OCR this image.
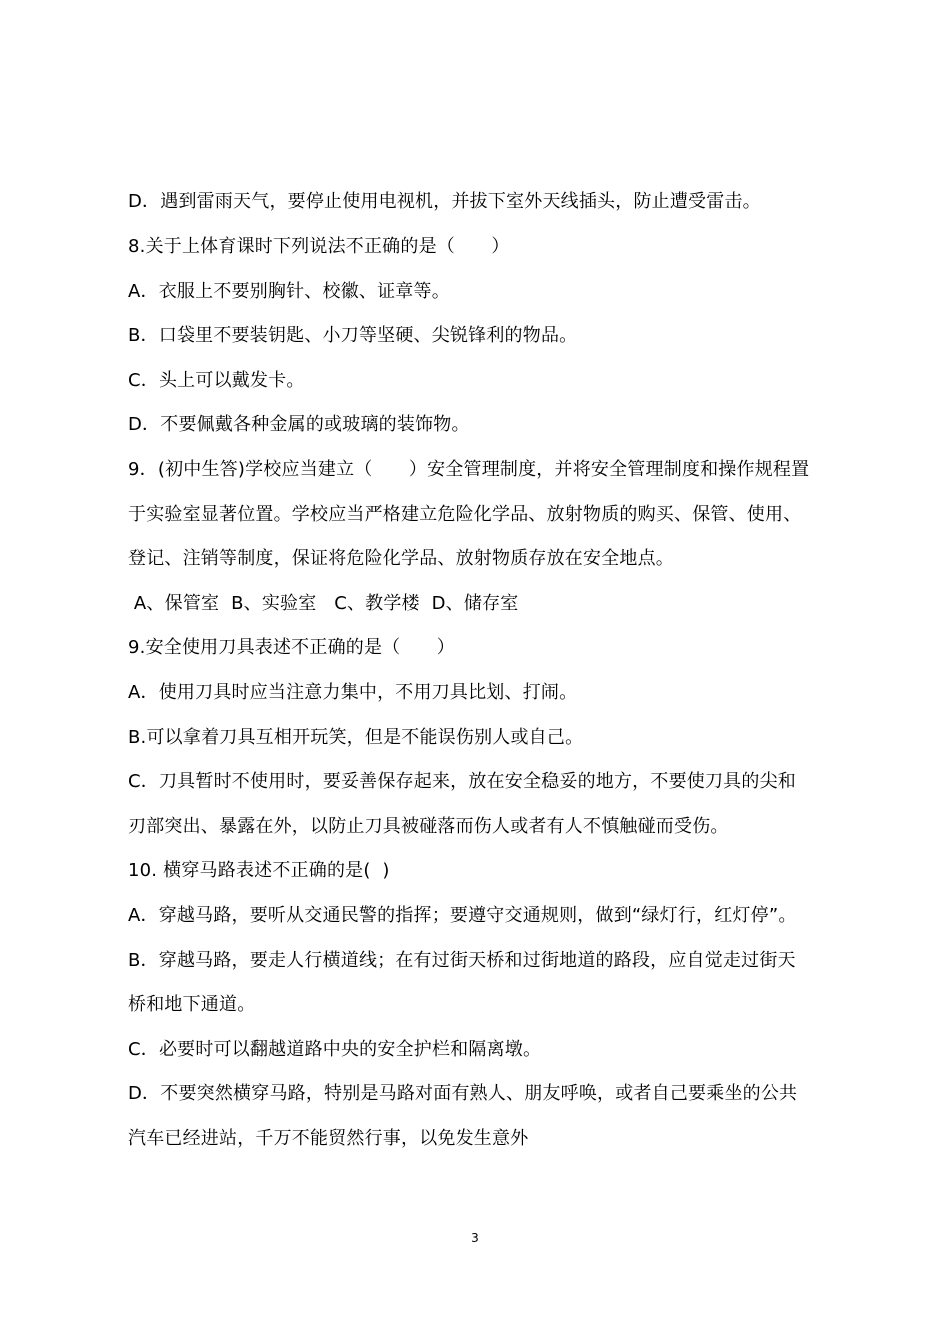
D．遇到雷雨天气，要停止使用电视机，并拔下室外天线插头，防止遭受雷击。
8.关于上体育课时下列说法不正确的是（　　）
A．衣服上不要别胸针、校徽、证章等。
B．口袋里不要装钥匙、小刀等坚硬、尖锐锋利的物品。
C．头上可以戴发卡。
D．不要佩戴各种金属的或玻璃的装饰物。
9．(初中生答)学校应当建立（　　）安全管理制度，并将安全管理制度和操作规程置
于实验室显著位置。学校应当严格建立危险化学品、放射物质的购买、保管、使用、
登记、注销等制度，保证将危险化学品、放射物质存放在安全地点。
A、保管室  B、实验室   C、教学楼  D、储存室
9.安全使用刀具表述不正确的是（　　）
A．使用刀具时应当注意力集中，不用刀具比划、打闹。
B.可以拿着刀具互相开玩笑，但是不能误伤别人或自己。
C．刀具暂时不使用时，要妥善保存起来，放在安全稳妥的地方，不要使刀具的尖和
刃部突出、暴露在外，以防止刀具被碰落而伤人或者有人不慎触碰而受伤。
10. 横穿马路表述不正确的是(  )
A．穿越马路，要听从交通民警的指挥；要遵守交通规则，做到“绿灯行，红灯停”。
B．穿越马路，要走人行横道线；在有过街天桥和过街地道的路段，应自觉走过街天
桥和地下通道。
C．必要时可以翻越道路中央的安全护栏和隔离墩。
D．不要突然横穿马路，特别是马路对面有熟人、朋友呼唤，或者自己要乘坐的公共
汽车已经进站，千万不能贸然行事，以免发生意外
3
